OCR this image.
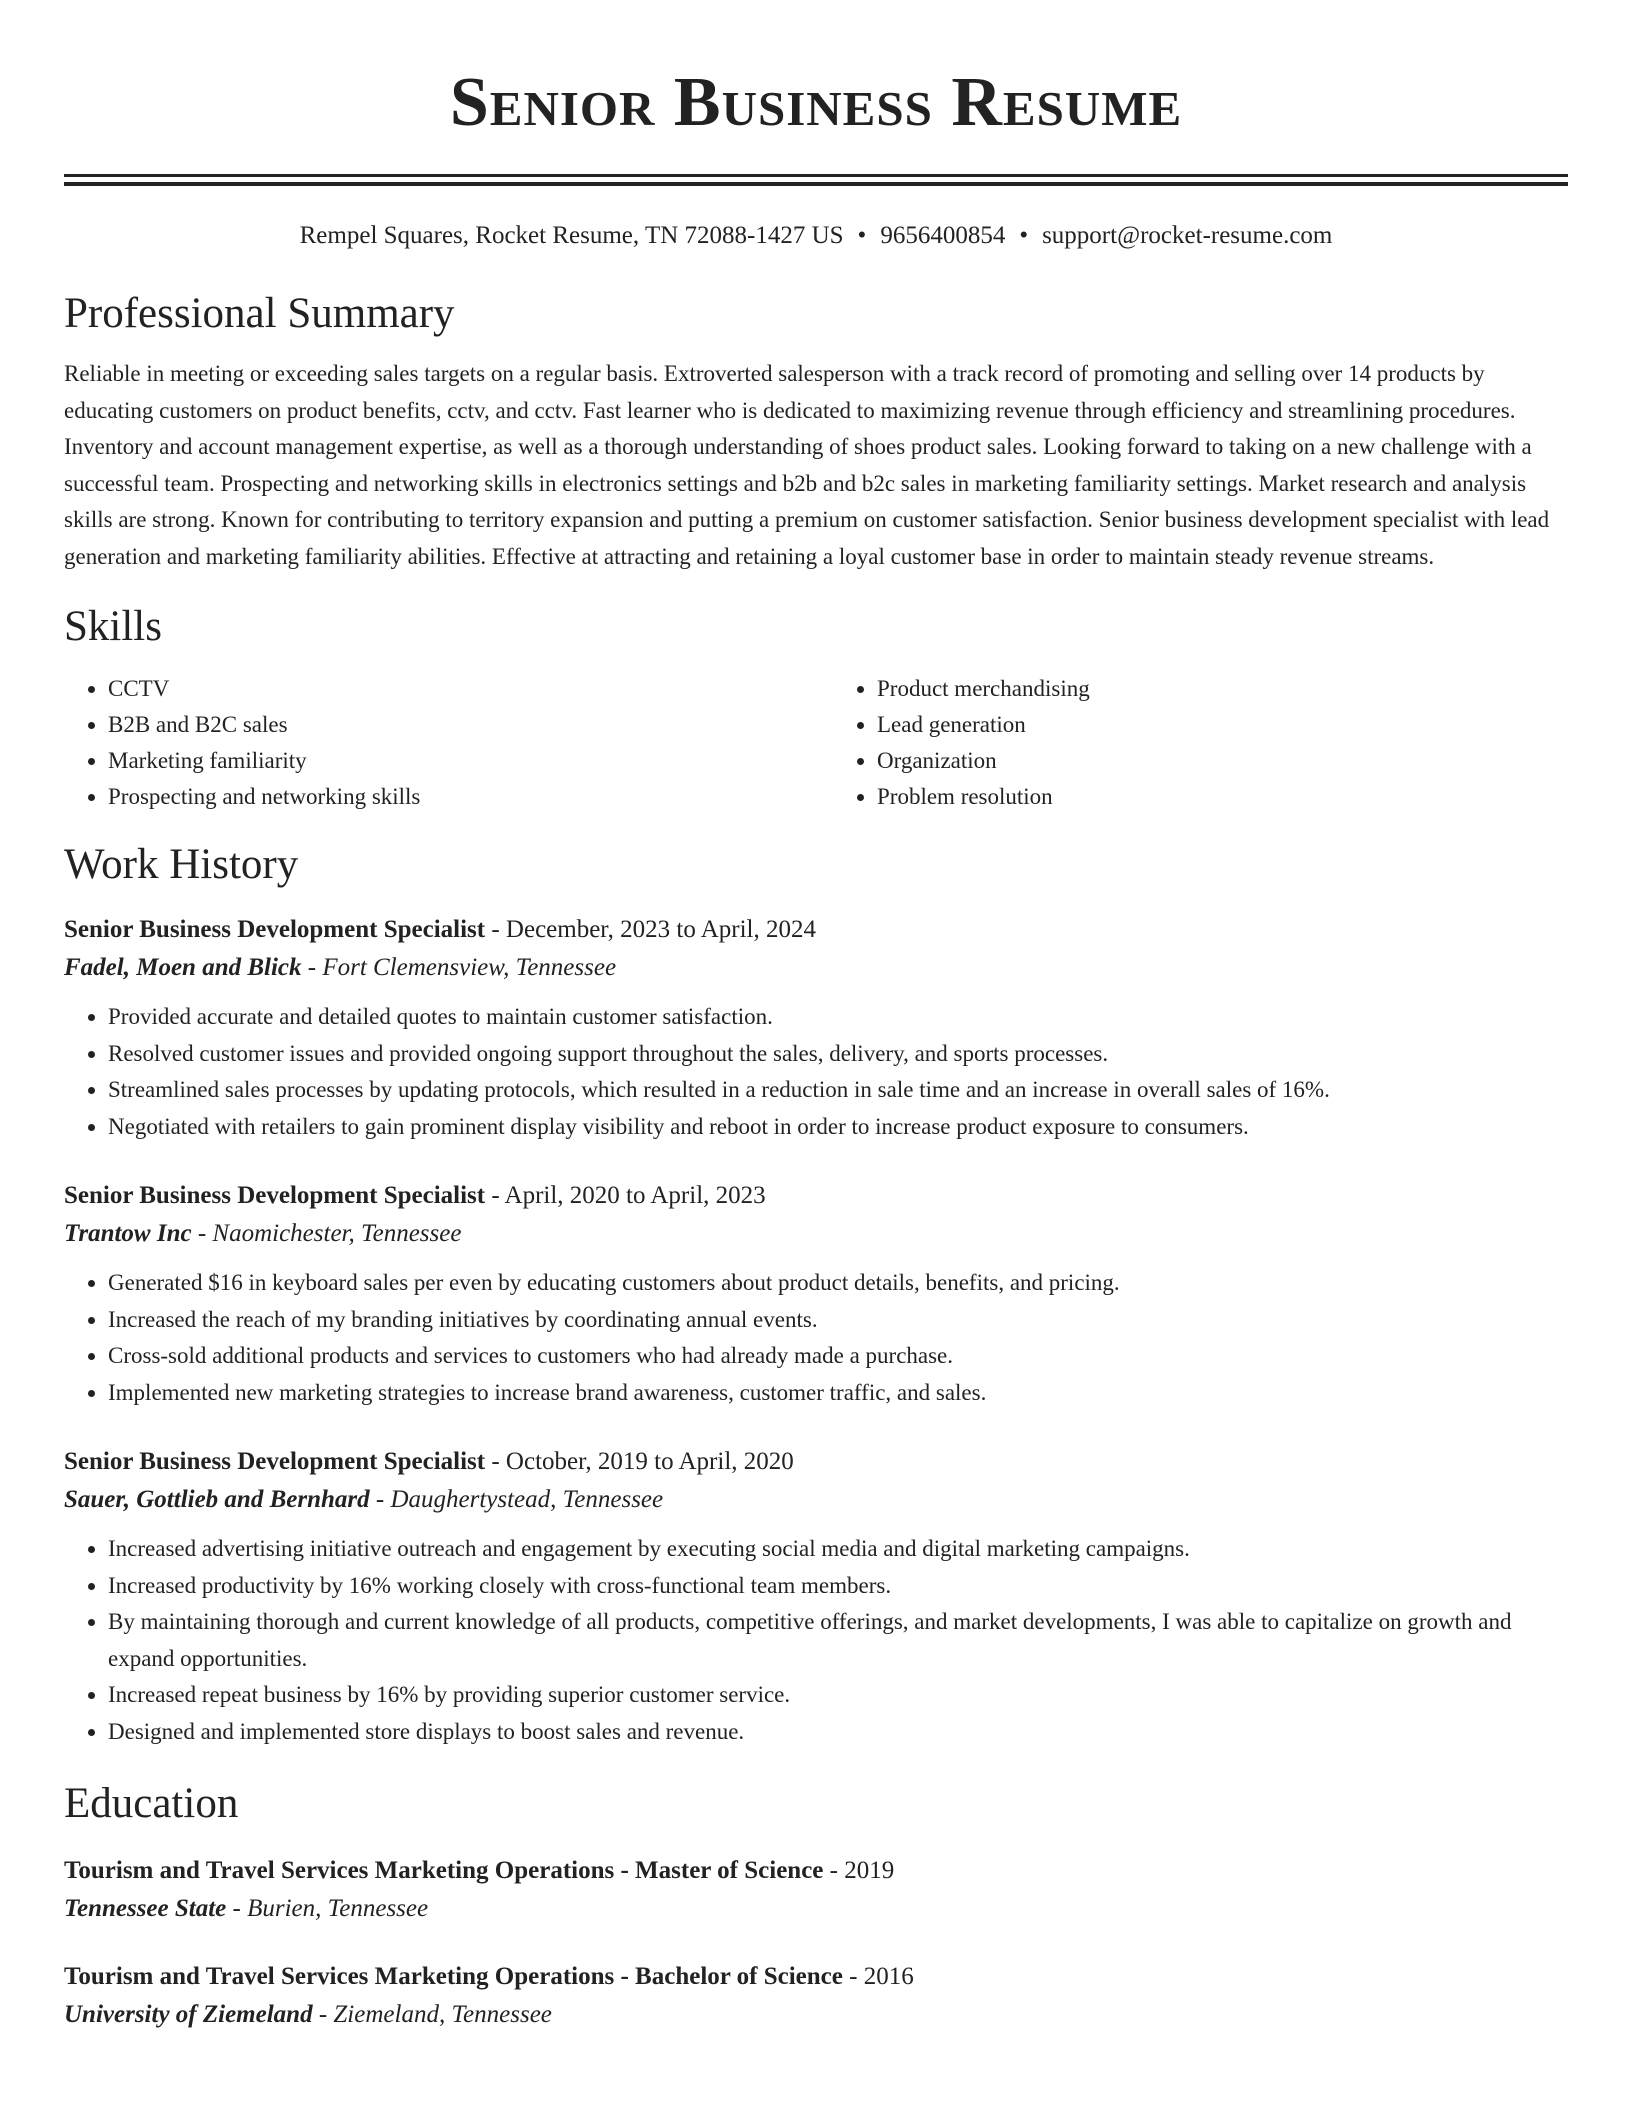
Senior Business Resume
Rempel Squares, Rocket Resume, TN 72088-1427 US • 9656400854 • support@rocket-resume.com
Professional Summary
Reliable in meeting or exceeding sales targets on a regular basis. Extroverted salesperson with a track record of promoting and selling over 14 products by educating customers on product benefits, cctv, and cctv. Fast learner who is dedicated to maximizing revenue through efficiency and streamlining procedures. Inventory and account management expertise, as well as a thorough understanding of shoes product sales. Looking forward to taking on a new challenge with a successful team. Prospecting and networking skills in electronics settings and b2b and b2c sales in marketing familiarity settings. Market research and analysis skills are strong. Known for contributing to territory expansion and putting a premium on customer satisfaction. Senior business development specialist with lead generation and marketing familiarity abilities. Effective at attracting and retaining a loyal customer base in order to maintain steady revenue streams.
Skills
• CCTV
• B2B and B2C sales
• Marketing familiarity
• Prospecting and networking skills
• Product merchandising
• Lead generation
• Organization
• Problem resolution
Work History
Senior Business Development Specialist - December, 2023 to April, 2024
Fadel, Moen and Blick - Fort Clemensview, Tennessee
• Provided accurate and detailed quotes to maintain customer satisfaction.
• Resolved customer issues and provided ongoing support throughout the sales, delivery, and sports processes.
• Streamlined sales processes by updating protocols, which resulted in a reduction in sale time and an increase in overall sales of 16%.
• Negotiated with retailers to gain prominent display visibility and reboot in order to increase product exposure to consumers.
Senior Business Development Specialist - April, 2020 to April, 2023
Trantow Inc - Naomichester, Tennessee
• Generated $16 in keyboard sales per even by educating customers about product details, benefits, and pricing.
• Increased the reach of my branding initiatives by coordinating annual events.
• Cross-sold additional products and services to customers who had already made a purchase.
• Implemented new marketing strategies to increase brand awareness, customer traffic, and sales.
Senior Business Development Specialist - October, 2019 to April, 2020
Sauer, Gottlieb and Bernhard - Daughertystead, Tennessee
• Increased advertising initiative outreach and engagement by executing social media and digital marketing campaigns.
• Increased productivity by 16% working closely with cross-functional team members.
• By maintaining thorough and current knowledge of all products, competitive offerings, and market developments, I was able to capitalize on growth and expand opportunities.
• Increased repeat business by 16% by providing superior customer service.
• Designed and implemented store displays to boost sales and revenue.
Education
Tourism and Travel Services Marketing Operations - Master of Science - 2019
Tennessee State - Burien, Tennessee
Tourism and Travel Services Marketing Operations - Bachelor of Science - 2016
University of Ziemeland - Ziemeland, Tennessee
